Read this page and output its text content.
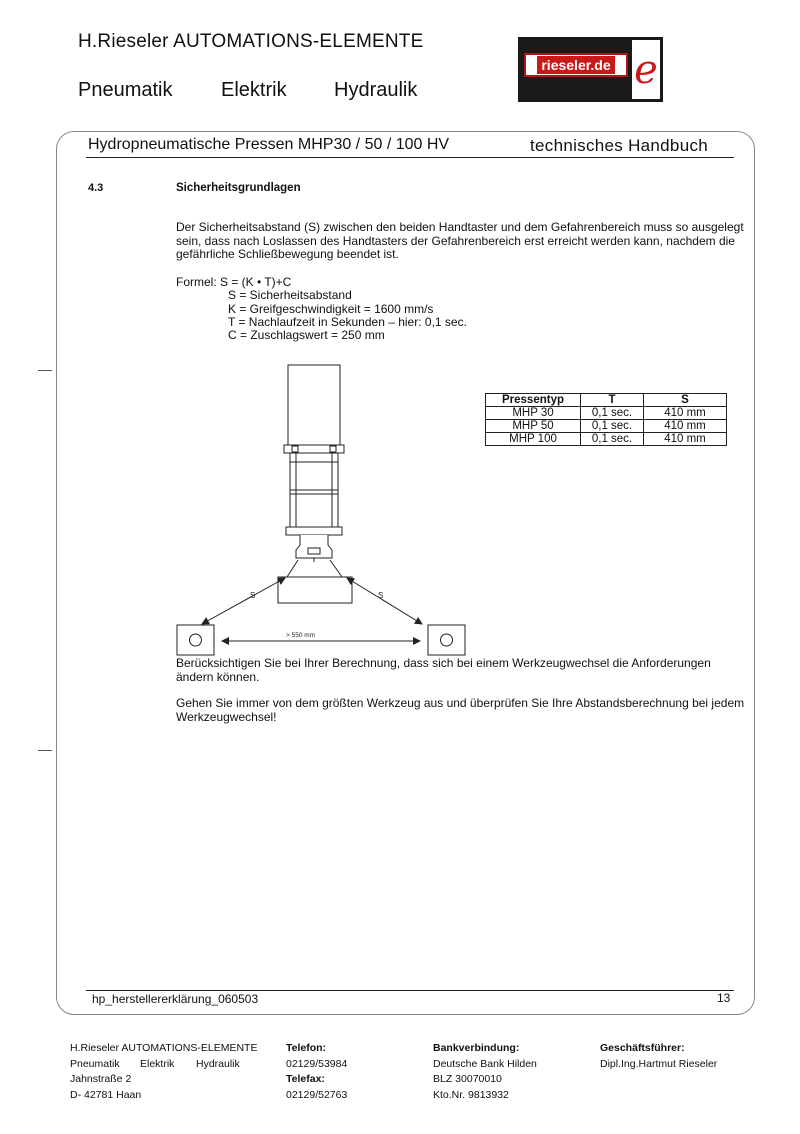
H.Rieseler AUTOMATIONS-ELEMENTE
Pneumatik	Elektrik	Hydraulik
rieseler.de e
Hydropneumatische Pressen MHP30 / 50 / 100 HV	technisches Handbuch
4.3	Sicherheitsgrundlagen
Der Sicherheitsabstand (S) zwischen den beiden Handtaster und dem Gefahrenbereich muss so ausgelegt sein, dass nach Loslassen des Handtasters der Gefahrenbereich erst erreicht werden kann, nachdem die gefährliche Schließbewegung beendet ist.
Formel: S = (K • T)+C
S = Sicherheitsabstand
K = Greifgeschwindigkeit = 1600 mm/s
T = Nachlaufzeit in Sekunden – hier: 0,1 sec.
C = Zuschlagswert = 250 mm
S	S
> 550 mm
Pressentyp	T	S
MHP 30	0,1 sec.	410 mm
MHP 50	0,1 sec.	410 mm
MHP 100	0,1 sec.	410 mm
Berücksichtigen Sie bei Ihrer Berechnung, dass sich bei einem Werkzeugwechsel die Anforderungen ändern können.
Gehen Sie immer von dem größten Werkzeug aus und überprüfen Sie Ihre Abstandsberechnung bei jedem Werkzeugwechsel!
hp_herstellererklärung_060503	13
H.Rieseler AUTOMATIONS-ELEMENTE
Pneumatik Elektrik Hydraulik
Jahnstraße 2
D- 42781 Haan
Telefon:
02129/53984
Telefax:
02129/52763
Bankverbindung:
Deutsche Bank Hilden
BLZ 30070010
Kto.Nr. 9813932
Geschäftsführer:
Dipl.Ing.Hartmut Rieseler
